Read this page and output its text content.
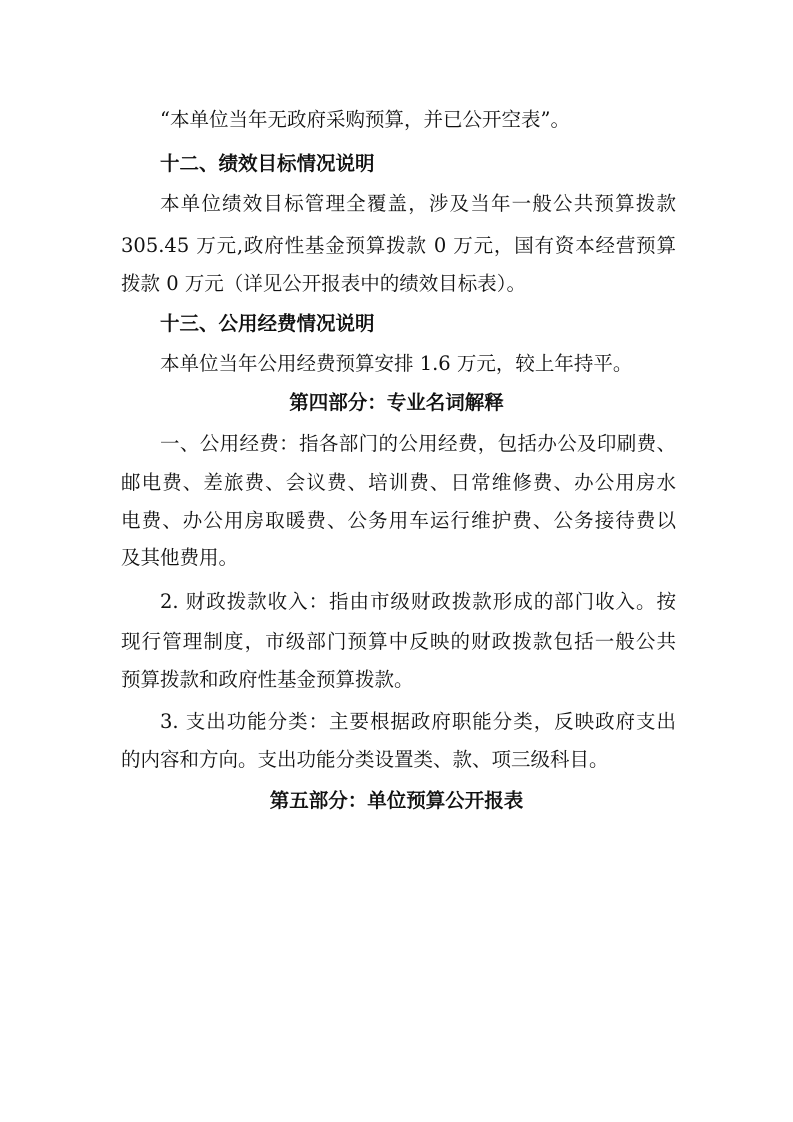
“本单位当年无政府采购预算，并已公开空表”。
十二、绩效目标情况说明
本单位绩效目标管理全覆盖，涉及当年一般公共预算拨款
305.45 万元,政府性基金预算拨款 0 万元，国有资本经营预算
拨款 0 万元（详见公开报表中的绩效目标表）。
十三、公用经费情况说明
本单位当年公用经费预算安排 1.6 万元，较上年持平。
第四部分：专业名词解释
一、公用经费：指各部门的公用经费，包括办公及印刷费、
邮电费、差旅费、会议费、培训费、日常维修费、办公用房水
电费、办公用房取暖费、公务用车运行维护费、公务接待费以
及其他费用。
2. 财政拨款收入：指由市级财政拨款形成的部门收入。按
现行管理制度，市级部门预算中反映的财政拨款包括一般公共
预算拨款和政府性基金预算拨款。
3. 支出功能分类：主要根据政府职能分类，反映政府支出
的内容和方向。支出功能分类设置类、款、项三级科目。
第五部分：单位预算公开报表
